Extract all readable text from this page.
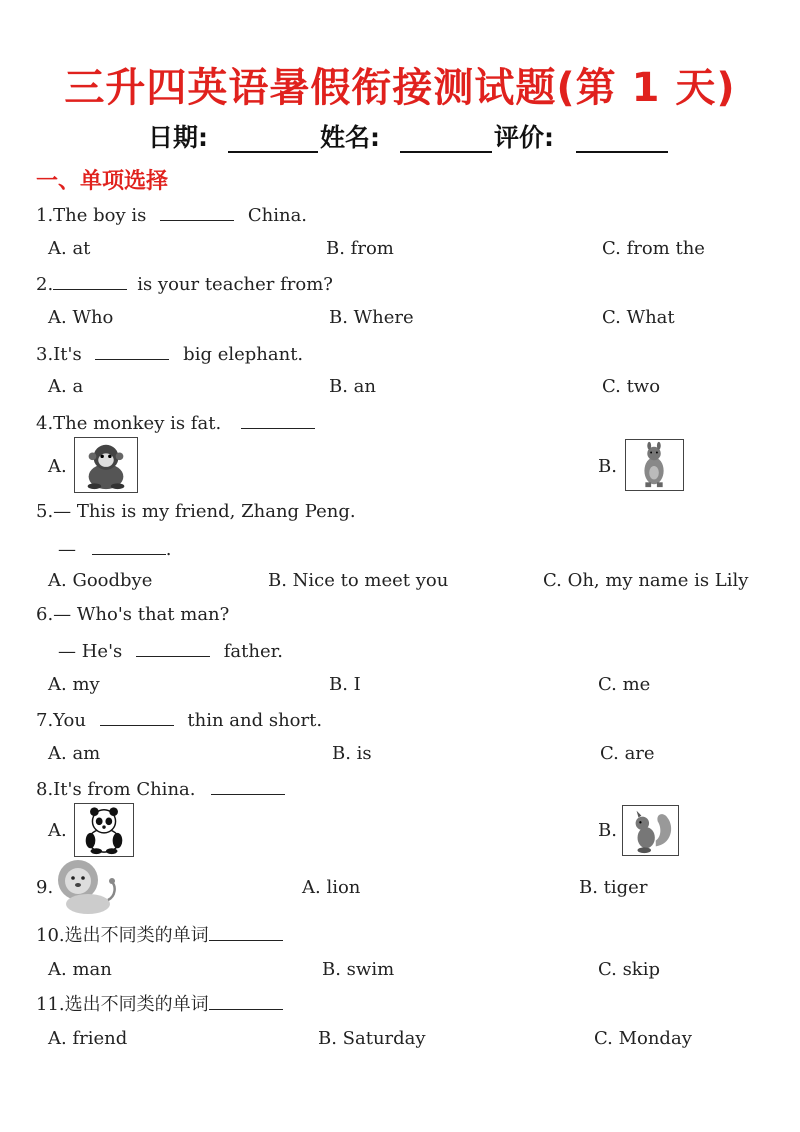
三升四英语暑假衔接测试题(第 1 天)
日期:	姓名:	评价:
一、单项选择
1.The boy is	China.
A. at	B. from	C. from the
2.	is your teacher from?
A. Who	B. Where	C. What
3.It's	big elephant.
A. a	B. an	C. two
4.The monkey is fat.
A.	B.
5.— This is my friend, Zhang Peng.
—	.
A. Goodbye	B. Nice to meet you	C. Oh, my name is Lily
6.— Who's that man?
— He's	father.
A. my	B. I	C. me
7.You	thin and short.
A. am	B. is	C. are
8.It's from China.
A.	B.
9.	A. lion	B. tiger
10.选出不同类的单词
A. man	B. swim	C. skip
11.选出不同类的单词
A. friend	B. Saturday	C. Monday
